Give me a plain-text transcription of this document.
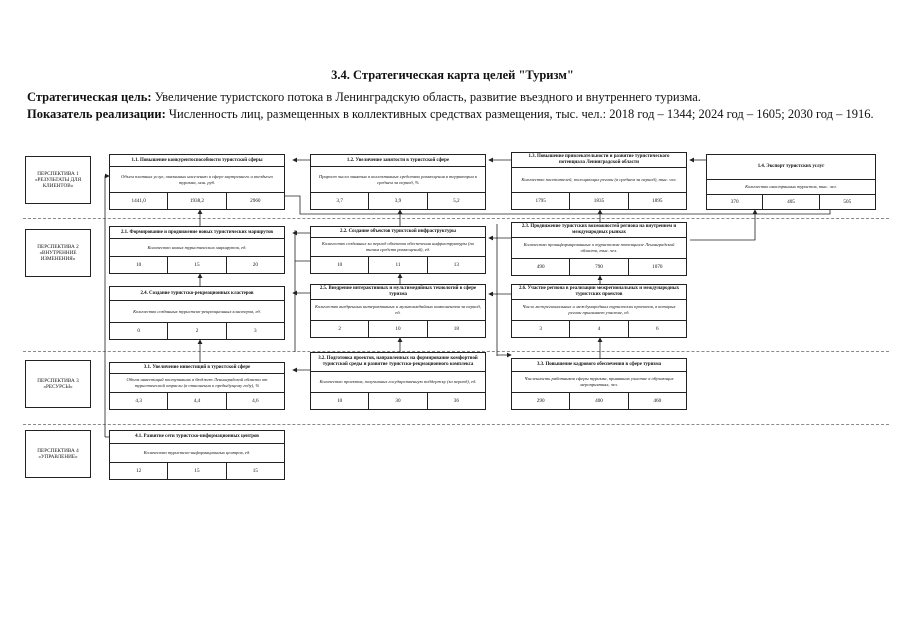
3.4. Стратегическая карта целей "Туризм"
Стратегическая цель: Увеличение туристского потока в Ленинградскую область, развитие въездного и внутреннего туризма.
Показатель реализации: Численность лиц, размещенных в коллективных средствах размещения, тыс. чел.: 2018 год – 1344; 2024 год – 1605; 2030 год – 1916.
ПЕРСПЕКТИВА 1 «РЕЗУЛЬТАТЫ ДЛЯ КЛИЕНТОВ»
ПЕРСПЕКТИВА 2 «ВНУТРЕННИЕ ИЗМЕНЕНИЯ»
ПЕРСПЕКТИВА 3 «РЕСУРСЫ»
ПЕРСПЕКТИВА 4 «УПРАВЛЕНИЕ»
1.1. Повышение конкурентоспособности туристской сферы
Объем платных услуг, оказанных населению в сфере внутреннего и въездного туризма, млн. руб.
1441,0	1938,2	2960
1.2. Увеличение занятости в туристской сфере
Прирост числа занятых в коллективных средствах размещения в территории к среднем за период, %
3,7	3,9	5,2
1.3. Повышение привлекательности и развитие туристического потенциала Ленинградской области
Количество посетителей, посещающих регион (в среднем за период), тыс. чел.
1795	1835	1895
1.4. Экспорт туристских услуг
Количество иностранных туристов, тыс. чел.
370	405	505
2.1. Формирование и продвижение новых туристических маршрутов
Количество новых туристических маршрутов, ед.
10	15	20
2.2. Создание объектов туристской инфраструктуры
Количество созданных за период объектов обеспечения инфраструктуры (по типам средств размещений), ед.
10	11	13
2.3. Продвижение туристских возможностей региона на внутреннем и международных рынках
Количество проинформированных о туристском потенциале Ленинградской области, тыс. чел.
490	790	1070
2.4. Создание туристско-рекреационных кластеров
Количество созданных туристско-рекреационных кластеров, ед.
0	2	3
2.5. Внедрение интерактивных и мультимедийных технологий в сфере туризма
Количество внедренных интерактивных и мультимедийных компонентов за период, ед.
2	10	18
2.6. Участие региона в реализации межрегиональных и международных туристских проектов
Число межрегиональных и международных туристских проектов, в которых регион принимает участие, ед.
3	4	6
3.1. Увеличение инвестиций в туристской сфере
Объем инвестиций поступивших в бюджет Ленинградской области от туристической отрасли (в отношении к предыдущему году), %
4,3	4,4	4,6
3.2. Подготовка проектов, направленных на формирование комфортной туристской среды и развитие туристско-рекреационного комплекса
Количество проектов, получивших государственную поддержку (за период), ед.
10	30	36
3.3. Повышение кадрового обеспечения в сфере туризма
Численность работников сферы туризма, принявших участие в обучающих мероприятиях, чел.
290	400	460
4.1. Развитие сети туристско-информационных центров
Количество туристско-информационных центров, ед.
12	15	15
